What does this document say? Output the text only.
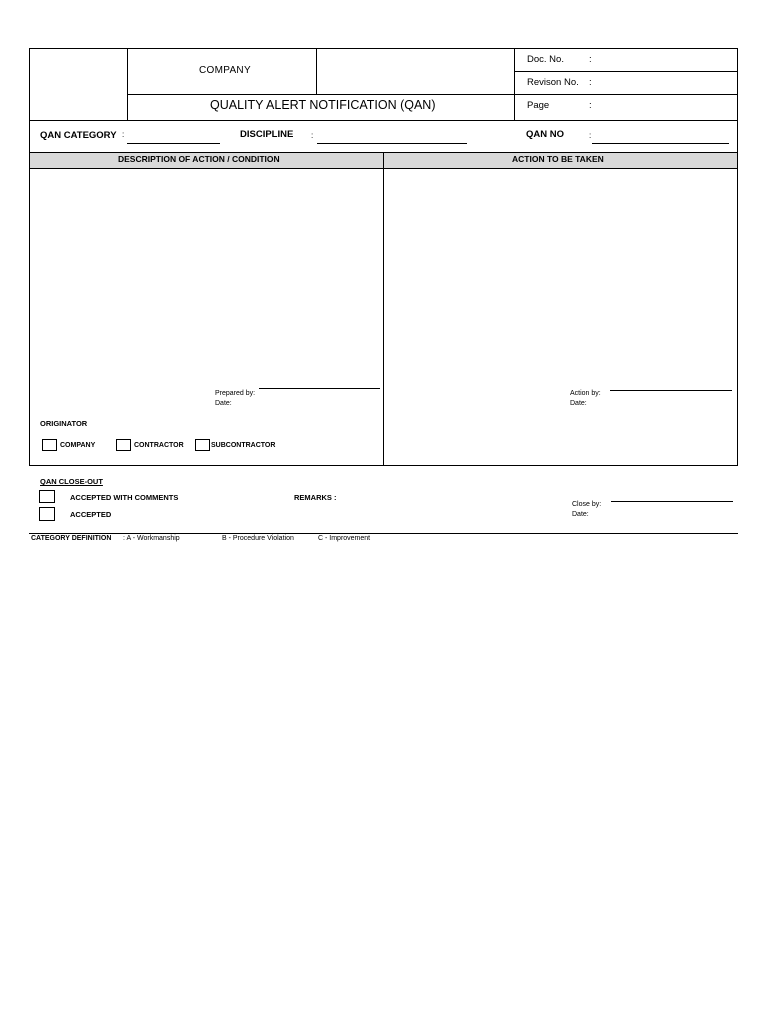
COMPANY
QUALITY ALERT NOTIFICATION (QAN)
Doc. No.	:
Revison No. :
Page	:
QAN CATEGORY :	DISCIPLINE :	QAN NO	:
DESCRIPTION OF ACTION / CONDITION	ACTION TO BE TAKEN
Prepared by:
Date:
Action by:
Date:
ORIGINATOR
COMPANY	CONTRACTOR	SUBCONTRACTOR
QAN CLOSE-OUT
ACCEPTED WITH COMMENTS
ACCEPTED
REMARKS :
Close by:
Date:
CATEGORY DEFINITION : A - Workmanship	B - Procedure Violation	C - Improvement
